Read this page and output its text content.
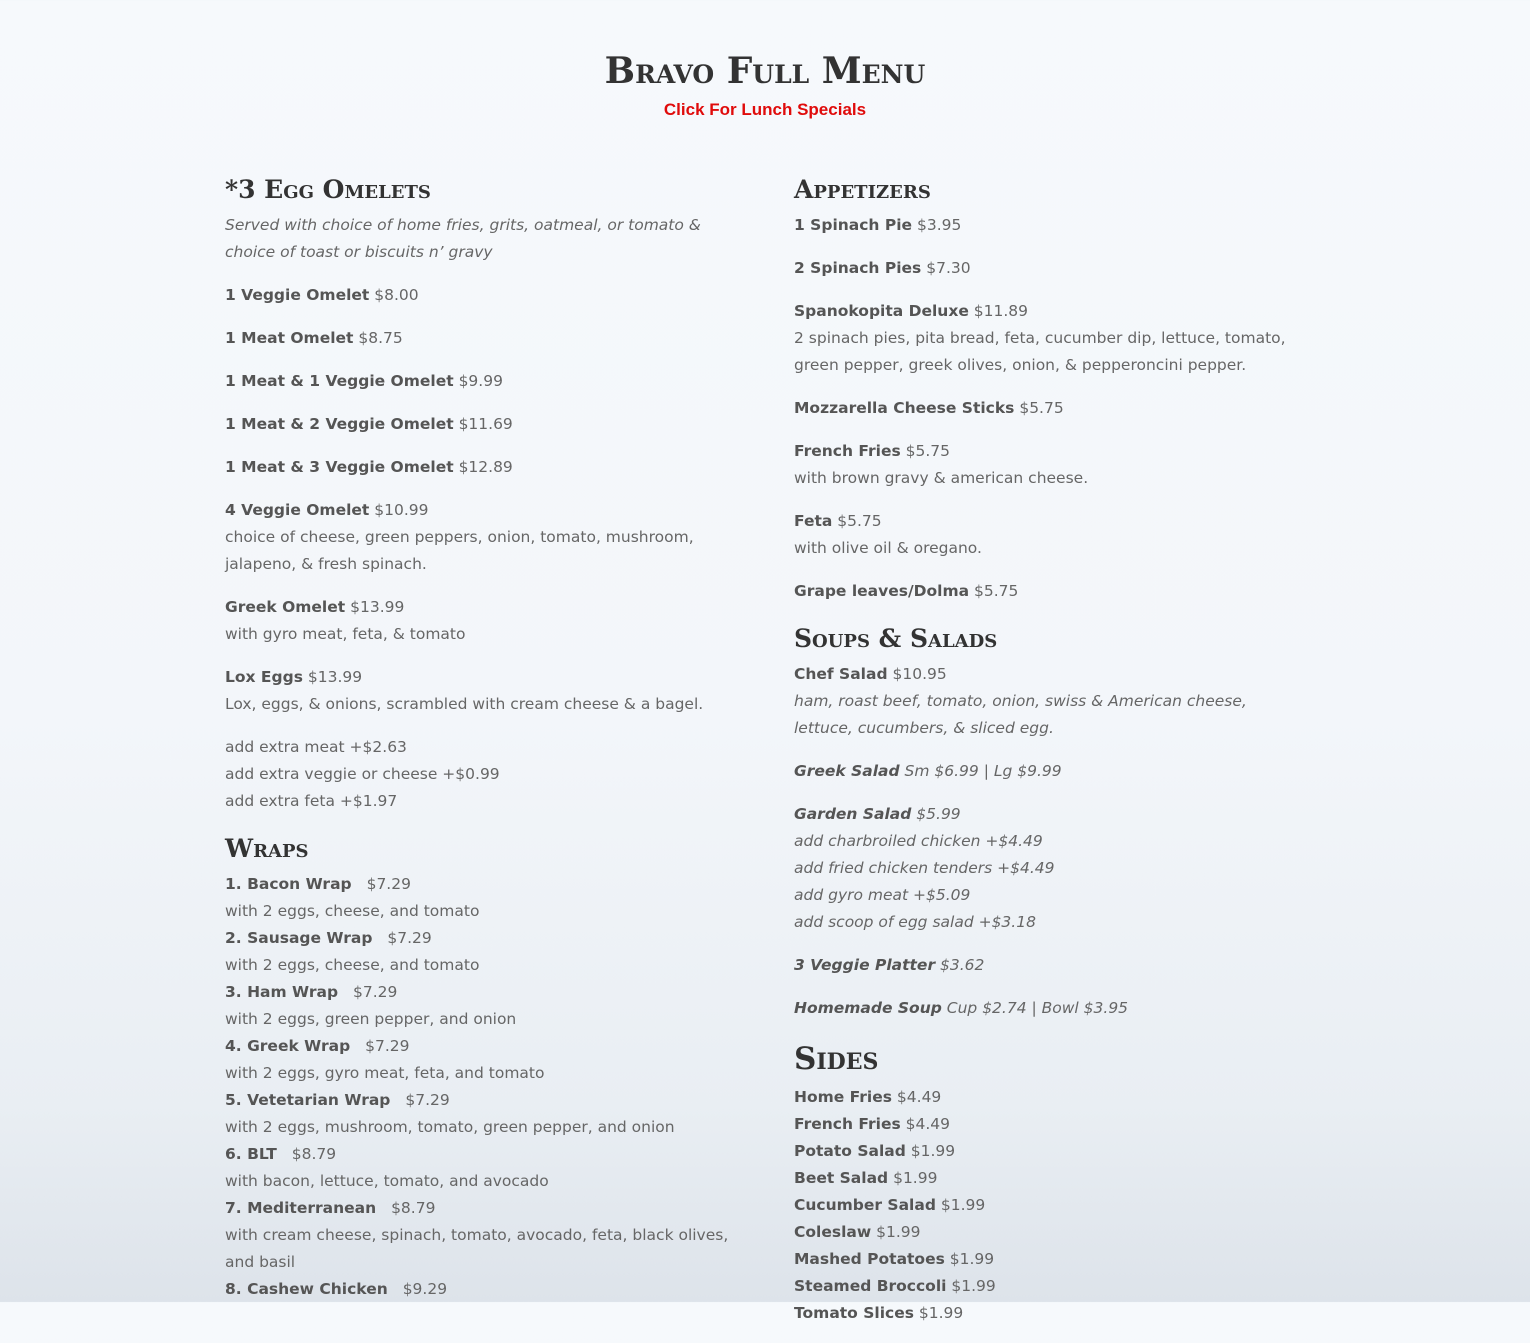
Bravo Full Menu
Click For Lunch Specials
*3 Egg Omelets

Served with choice of home fries, grits, oatmeal, or tomato & choice of toast or biscuits n’ gravy

1 Veggie Omelet $8.00

1 Meat Omelet $8.75

1 Meat & 1 Veggie Omelet $9.99

1 Meat & 2 Veggie Omelet $11.69

1 Meat & 3 Veggie Omelet $12.89

4 Veggie Omelet $10.99
choice of cheese, green peppers, onion, tomato, mushroom, jalapeno, & fresh spinach.

Greek Omelet $13.99
with gyro meat, feta, & tomato

Lox Eggs $13.99
Lox, eggs, & onions, scrambled with cream cheese & a bagel.

add extra meat +$2.63
add extra veggie or cheese +$0.99
add extra feta +$1.97

Wraps

1. Bacon Wrap $7.29
with 2 eggs, cheese, and tomato

2. Sausage Wrap $7.29
with 2 eggs, cheese, and tomato

3. Ham Wrap $7.29
with 2 eggs, green pepper, and onion

4. Greek Wrap $7.29
with 2 eggs, gyro meat, feta, and tomato

5. Vetetarian Wrap $7.29
with 2 eggs, mushroom, tomato, green pepper, and onion

6. BLT $8.79
with bacon, lettuce, tomato, and avocado

7. Mediterranean $8.79
with cream cheese, spinach, tomato, avocado, feta, black olives, and basil

8. Cashew Chicken $9.29

Appetizers

1 Spinach Pie $3.95

2 Spinach Pies $7.30

Spanokopita Deluxe $11.89
2 spinach pies, pita bread, feta, cucumber dip, lettuce, tomato, green pepper, greek olives, onion, & pepperoncini pepper.

Mozzarella Cheese Sticks $5.75

French Fries $5.75
with brown gravy & american cheese.

Feta $5.75
with olive oil & oregano.

Grape leaves/Dolma $5.75

Soups & Salads

Chef Salad $10.95
ham, roast beef, tomato, onion, swiss & American cheese, lettuce, cucumbers, & sliced egg.

Greek Salad Sm $6.99 | Lg $9.99

Garden Salad $5.99
add charbroiled chicken +$4.49
add fried chicken tenders +$4.49
add gyro meat +$5.09
add scoop of egg salad +$3.18

3 Veggie Platter $3.62

Homemade Soup Cup $2.74 | Bowl $3.95

Sides

Home Fries $4.49

French Fries $4.49

Potato Salad $1.99

Beet Salad $1.99

Cucumber Salad $1.99

Coleslaw $1.99

Mashed Potatoes $1.99

Steamed Broccoli $1.99

Tomato Slices $1.99
